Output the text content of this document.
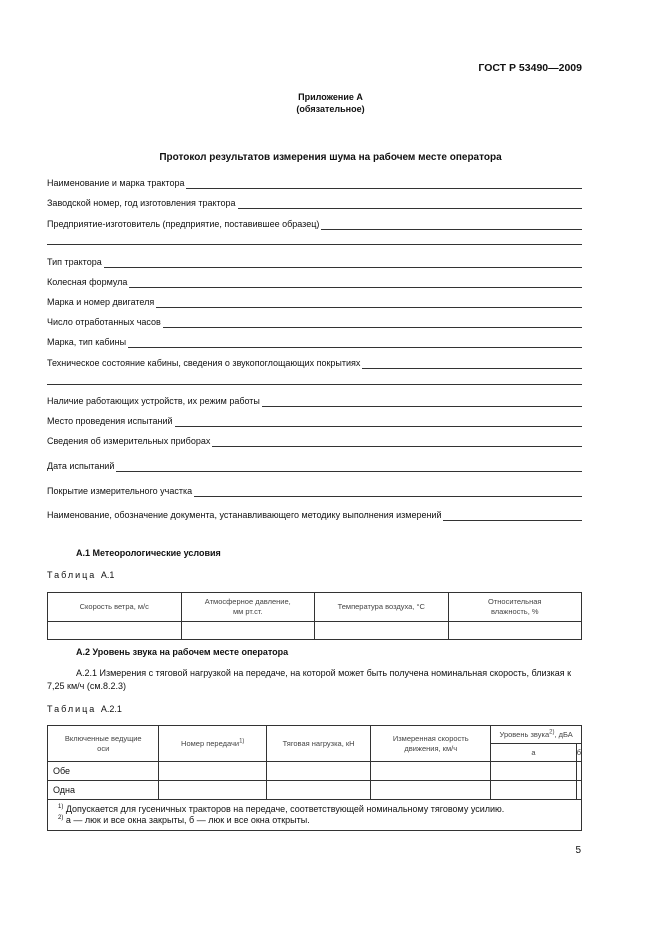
ГОСТ Р 53490—2009
Приложение А
(обязательное)
Протокол результатов измерения шума на рабочем месте оператора
Наименование и марка трактора
Заводской номер, год изготовления трактора
Предприятие-изготовитель (предприятие, поставившее образец)
Тип трактора
Колесная формула
Марка и номер двигателя
Число отработанных часов
Марка, тип кабины
Техническое состояние кабины, сведения о звукопоглощающих покрытиях
Наличие работающих устройств, их режим работы
Место проведения испытаний
Сведения об измерительных приборах
Дата испытаний
Покрытие измерительного участка
Наименование, обозначение документа, устанавливающего методику выполнения измерений
А.1 Метеорологические условия
Таблица А.1
Скорость ветра, м/с	Атмосферное давление, мм рт.ст.	Температура воздуха, °С	Относительная влажность, %

А.2 Уровень звука на рабочем месте оператора
А.2.1 Измерения с тяговой нагрузкой на передаче, на которой может быть получена номинальная скорость, близкая к 7,25 км/ч (см.8.2.3)
Таблица А.2.1
Включенные ведущие оси	Номер передачи$^{1)}$	Тяговая нагрузка, кН	Измеренная скорость движения, км/ч	Уровень звука$^{2)}$, дБА	
				а	б
Обе					
Одна					

$^{1)}$ Допускается для гусеничных тракторов на передаче, соответствующей номинальному тяговому усилию.
$^{2)}$ а — люк и все окна закрыты, б — люк и все окна открыты.					
5
